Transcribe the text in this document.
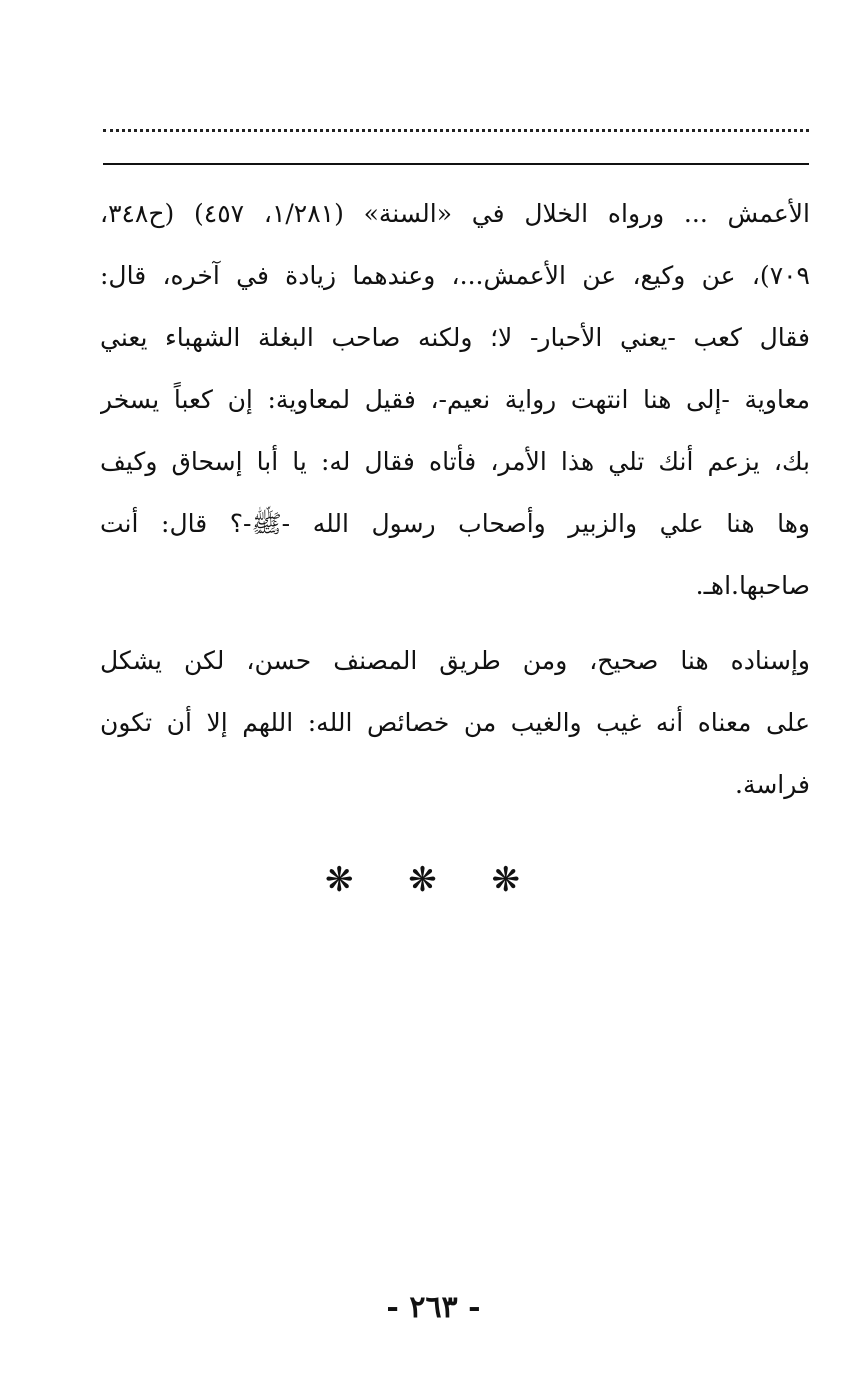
الأعمش ... ورواه الخلال في «السنة» (١/٢٨١، ٤٥٧) (ح٣٤٨،
٧٠٩)، عن وكيع، عن الأعمش...، وعندهما زيادة في آخره، قال:
فقال كعب -يعني الأحبار- لا؛ ولكنه صاحب البغلة الشهباء يعني
معاوية -إلى هنا انتهت رواية نعيم-، فقيل لمعاوية: إن كعباً يسخر
بك، يزعم أنك تلي هذا الأمر، فأتاه فقال له: يا أبا إسحاق وكيف
وها هنا علي والزبير وأصحاب رسول الله -ﷺ-؟ قال: أنت
صاحبها.اهـ.
وإسناده هنا صحيح، ومن طريق المصنف حسن، لكن يشكل
على معناه أنه غيب والغيب من خصائص الله: اللهم إلا أن تكون
فراسة.
❋ ❋ ❋
- ٢٦٣ -
